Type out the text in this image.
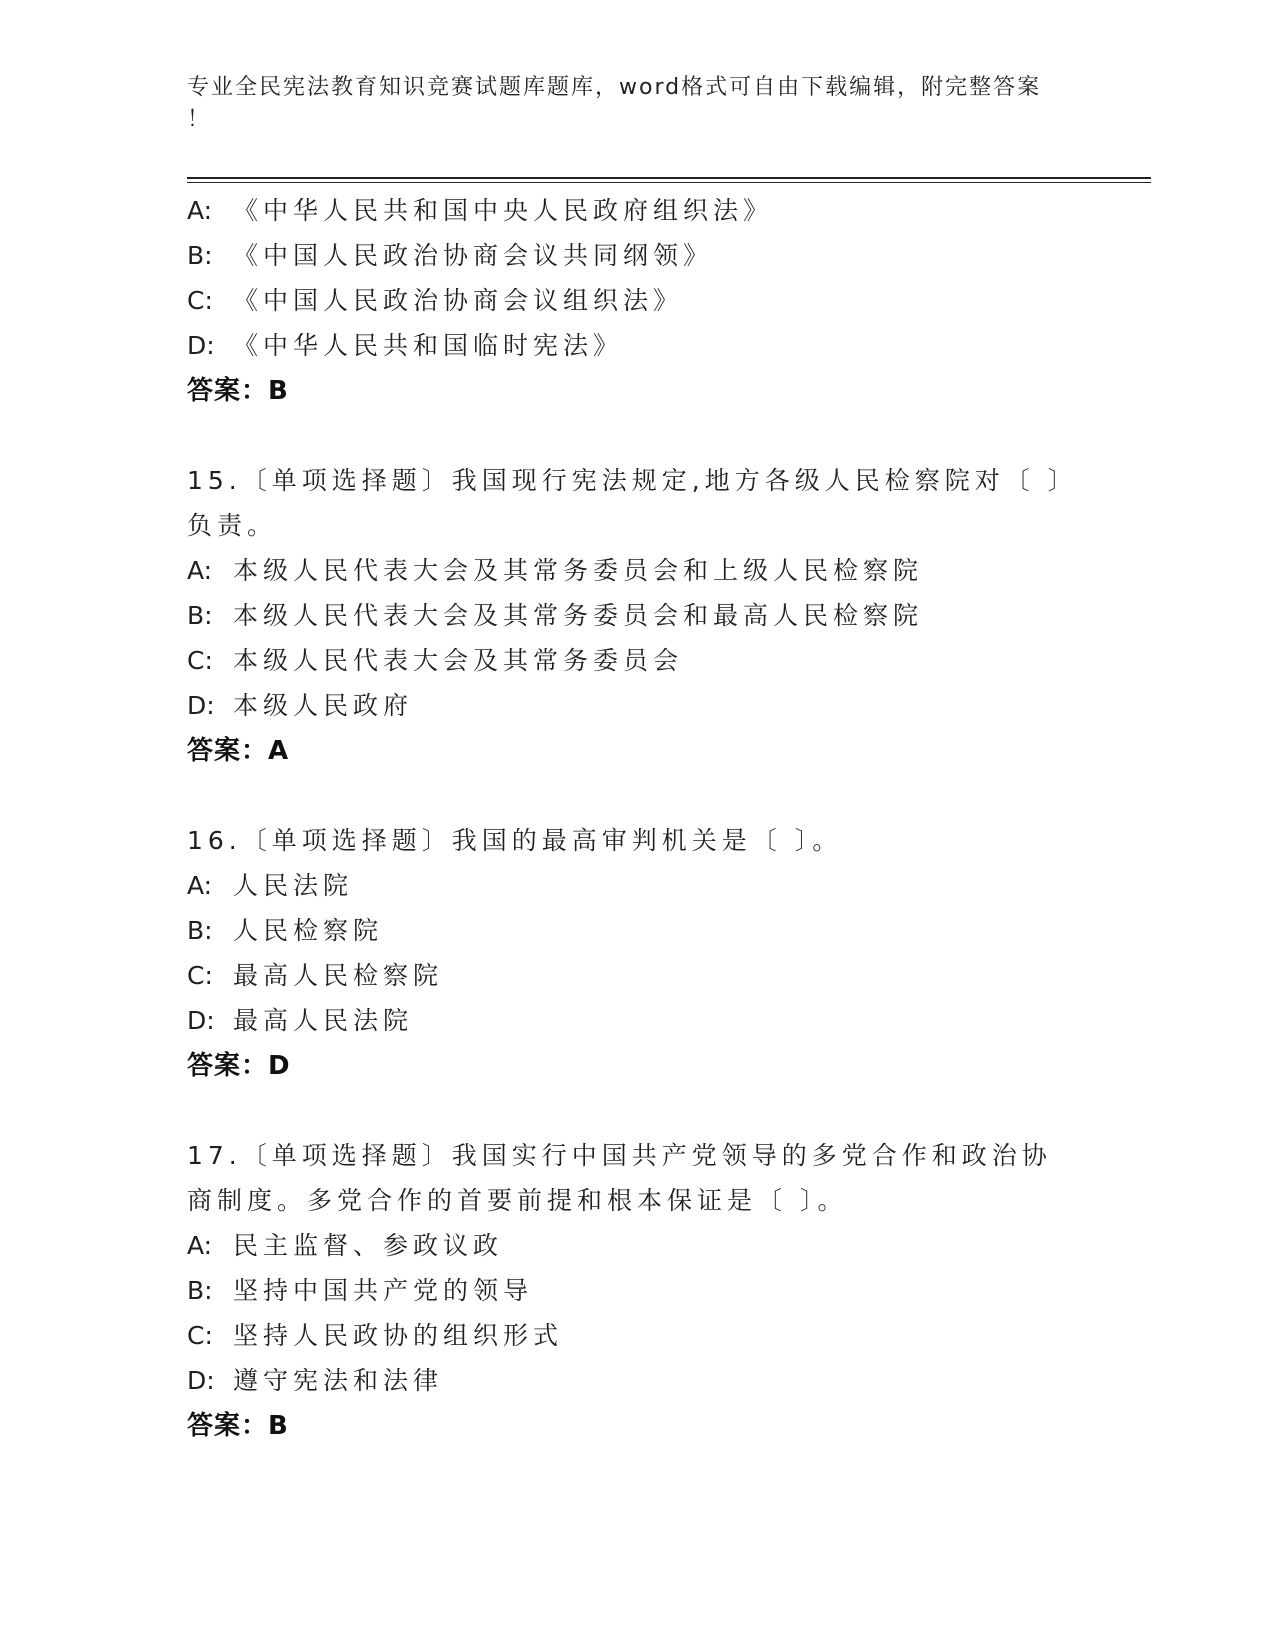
专业全民宪法教育知识竞赛试题库题库，word格式可自由下载编辑，附完整答案
！
A: 《中华人民共和国中央人民政府组织法》
B: 《中国人民政治协商会议共同纲领》
C: 《中国人民政治协商会议组织法》
D: 《中华人民共和国临时宪法》
答案：B
15.〔单项选择题〕我国现行宪法规定,地方各级人民检察院对〔 〕负责。
A: 本级人民代表大会及其常务委员会和上级人民检察院
B: 本级人民代表大会及其常务委员会和最高人民检察院
C: 本级人民代表大会及其常务委员会
D: 本级人民政府
答案：A
16.〔单项选择题〕我国的最高审判机关是〔 〕。
A: 人民法院
B: 人民检察院
C: 最高人民检察院
D: 最高人民法院
答案：D
17.〔单项选择题〕我国实行中国共产党领导的多党合作和政治协商制度。多党合作的首要前提和根本保证是〔 〕。
A: 民主监督、参政议政
B: 坚持中国共产党的领导
C: 坚持人民政协的组织形式
D: 遵守宪法和法律
答案：B
